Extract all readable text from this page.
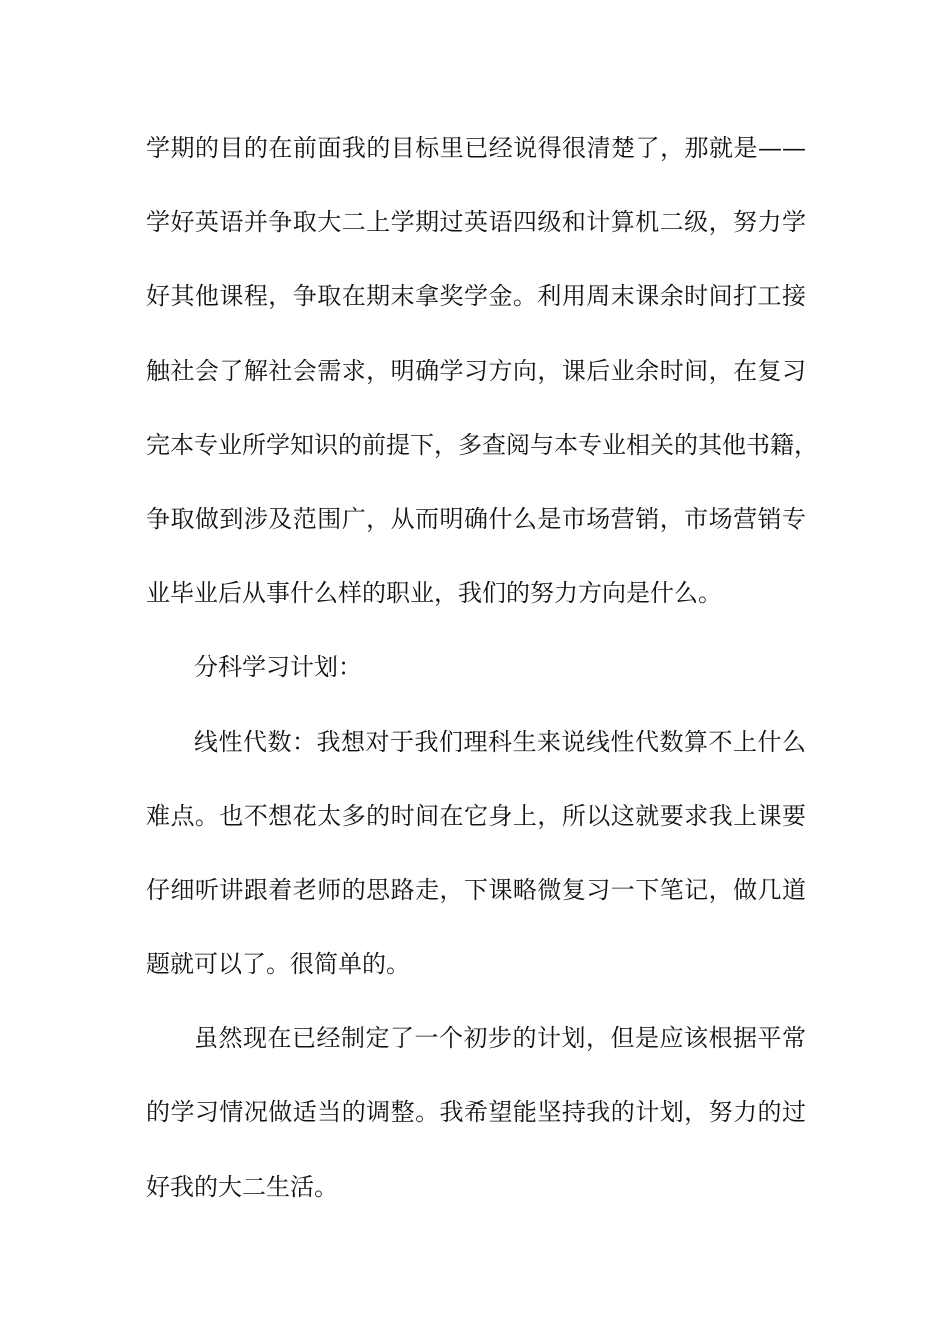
学期的目的在前面我的目标里已经说得很清楚了，那就是——
学好英语并争取大二上学期过英语四级和计算机二级，努力学
好其他课程，争取在期末拿奖学金。利用周末课余时间打工接
触社会了解社会需求，明确学习方向，课后业余时间，在复习
完本专业所学知识的前提下，多查阅与本专业相关的其他书籍，
争取做到涉及范围广，从而明确什么是市场营销，市场营销专
业毕业后从事什么样的职业，我们的努力方向是什么。
分科学习计划：
线性代数：我想对于我们理科生来说线性代数算不上什么
难点。也不想花太多的时间在它身上，所以这就要求我上课要
仔细听讲跟着老师的思路走，下课略微复习一下笔记，做几道
题就可以了。很简单的。
虽然现在已经制定了一个初步的计划，但是应该根据平常
的学习情况做适当的调整。我希望能坚持我的计划，努力的过
好我的大二生活。
